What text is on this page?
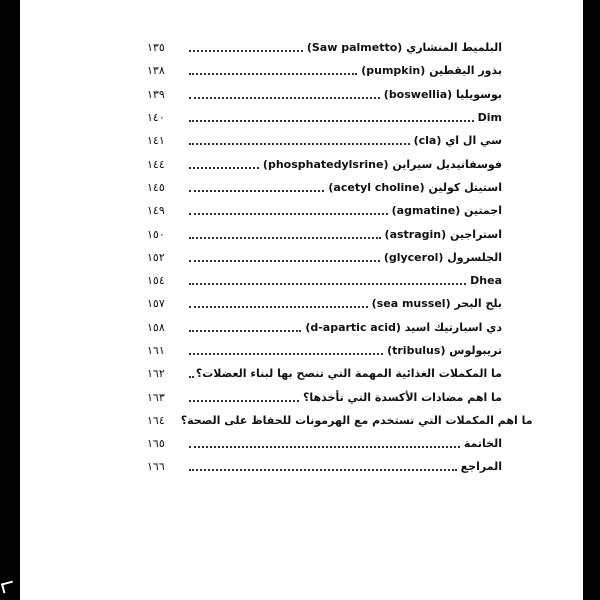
١٣٥	البلميط المنشاري (Saw palmetto)
١٣٨	بذور اليقطين (pumpkin)
١٣٩	بوسويليا (boswellia)
١٤٠	Dim
١٤١	سي ال اي (cla)
١٤٤	فوسفاتيديل سيراين (phosphatedylsrine)
١٤٥	استيتل كولين (acetyl choline)
١٤٩	اجمتين (agmatine)
١٥٠	استراجين (astragin)
١٥٢	الجلسرول (glycerol)
١٥٤	Dhea
١٥٧	بلح البحر (sea mussel)
١٥٨	دي اسبارتيك اسيد (d-apartic acid)
١٦١	تريبولوس (tribulus)
١٦٢	ما المكملات الغذائية المهمة التي تنصح بها لبناء العضلات؟
١٦٣	ما اهم مضادات الأكسدة التي تأخذها؟
١٦٤ ما اهم المكملات التي تستخدم مع الهرمونات للحفاظ على الصحة؟
١٦٥	الخاتمة
١٦٦	المراجع
